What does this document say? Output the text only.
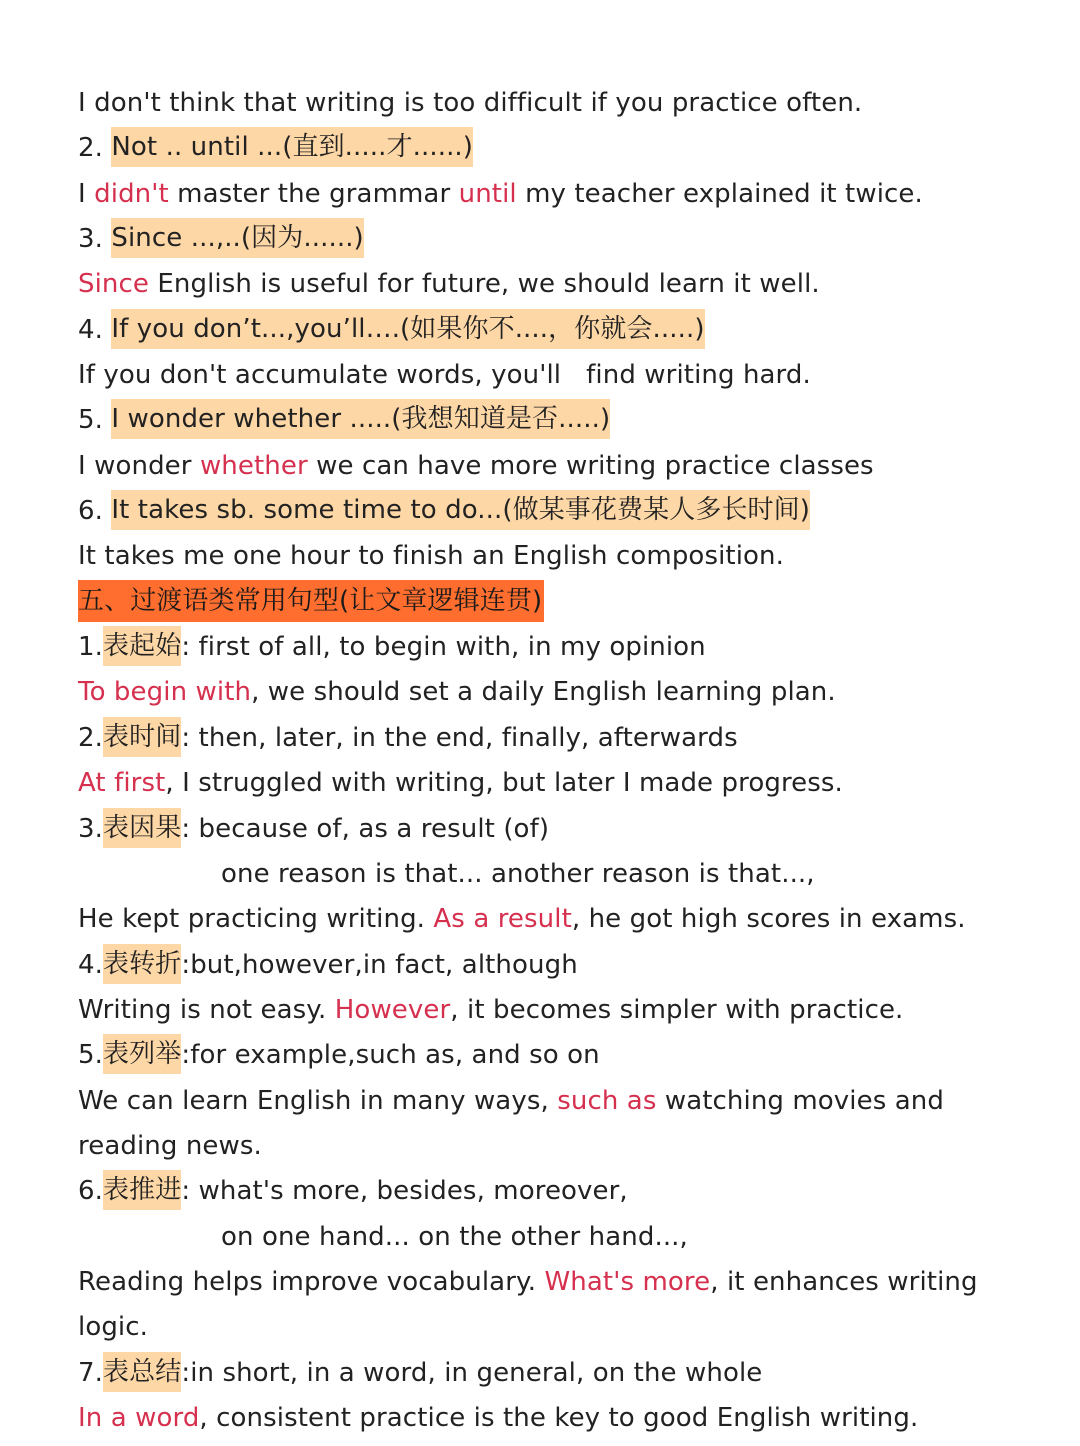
I don't think that writing is too difficult if you practice often.
2. Not .. until ...(直到.....才......)
I didn't master the grammar until my teacher explained it twice.
3. Since ...,..(因为......)
Since English is useful for future, we should learn it well.
4. If you don’t...,you’ll….(如果你不....，你就会.....)
If you don't accumulate words, you'll   find writing hard.
5. I wonder whether .....(我想知道是否.....)
I wonder whether we can have more writing practice classes
6. It takes sb. some time to do...(做某事花费某人多长时间)
It takes me one hour to finish an English composition.
五、过渡语类常用句型(让文章逻辑连贯)
1.表起始: first of all, to begin with, in my opinion
To begin with, we should set a daily English learning plan.
2.表时间: then, later, in the end, finally, afterwards
At first, I struggled with writing, but later I made progress.
3.表因果: because of, as a result (of)
one reason is that... another reason is that...,
He kept practicing writing. As a result, he got high scores in exams.
4.表转折:but,however,in fact, although
Writing is not easy. However, it becomes simpler with practice.
5.表列举:for example,such as, and so on
We can learn English in many ways, such as watching movies and
reading news.
6.表推进: what's more, besides, moreover,
on one hand... on the other hand...,
Reading helps improve vocabulary. What's more, it enhances writing
logic.
7.表总结:in short, in a word, in general, on the whole
In a word, consistent practice is the key to good English writing.
